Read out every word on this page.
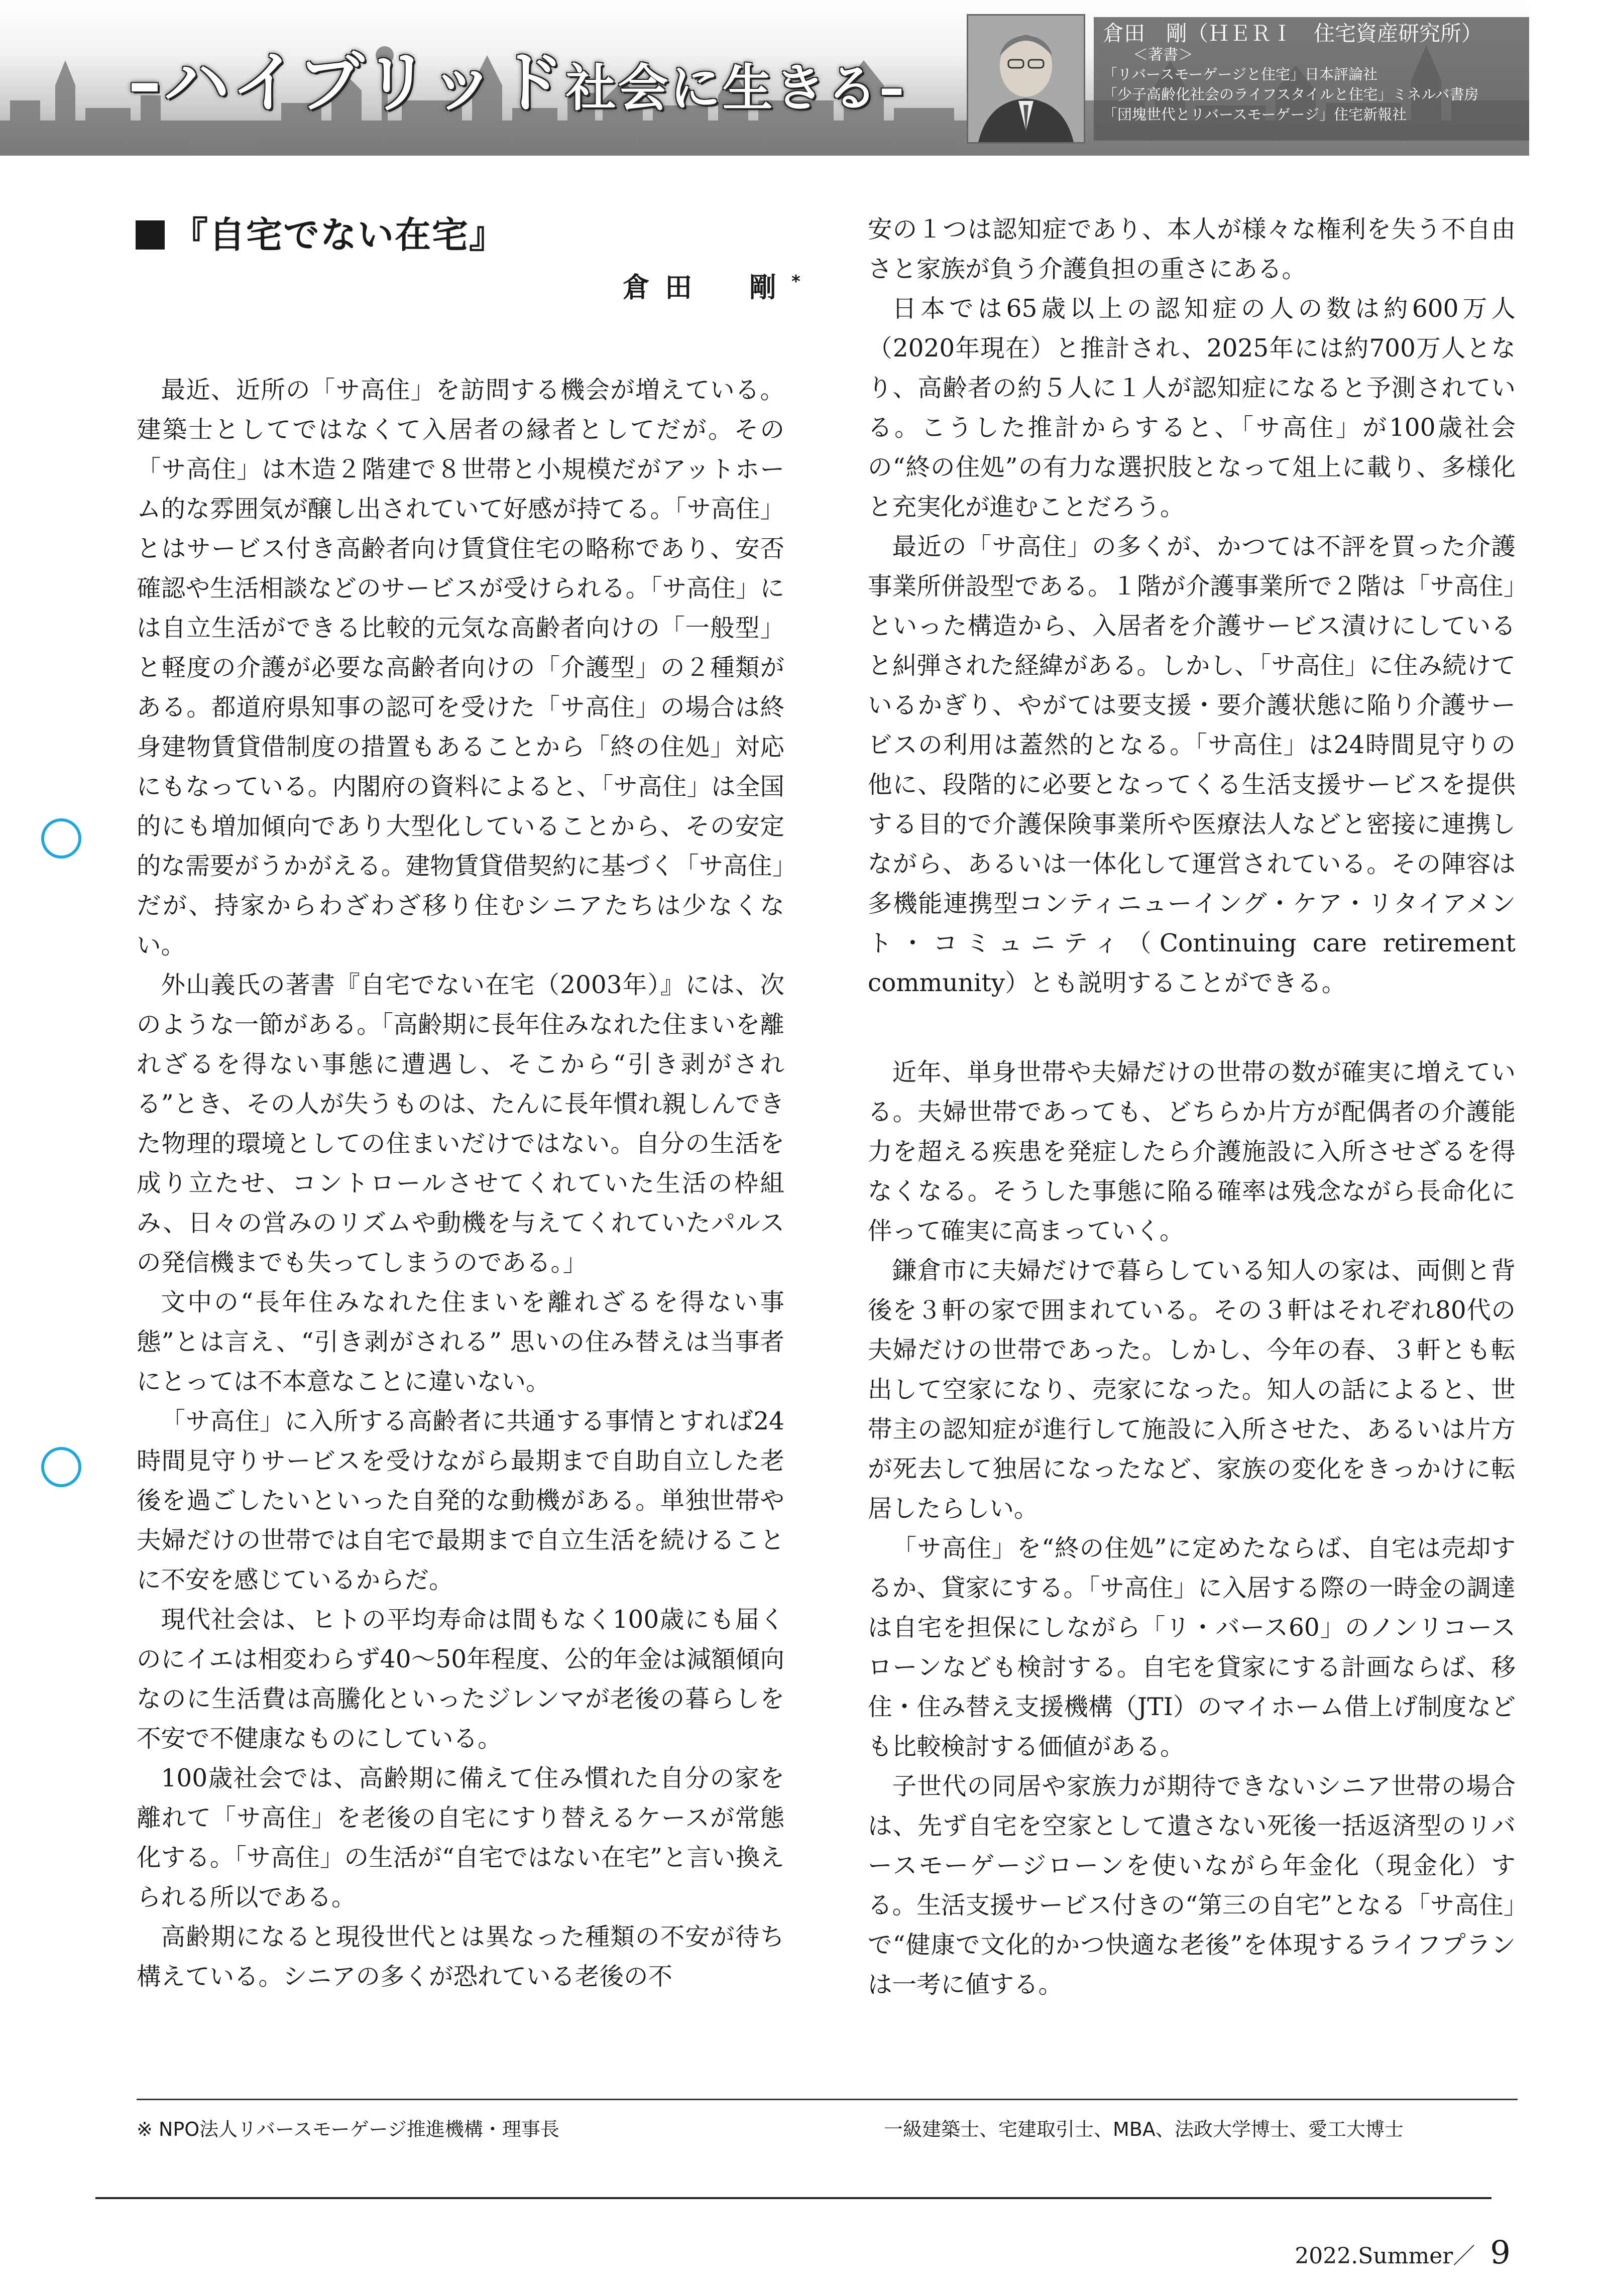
–ハイブリッド社会に生きる–
倉田　剛（ＨＥＲＩ　住宅資産研究所）
＜著書＞
「リバースモーゲージと住宅」日本評論社
「少子高齢化社会のライフスタイルと住宅」ミネルバ書房
「団塊世代とリバースモーゲージ」住宅新報社
『自宅でない在宅』
倉田　剛*

最近、近所の「サ高住」を訪問する機会が増えている。建築士としてではなくて入居者の縁者としてだが。その「サ高住」は木造２階建で８世帯と小規模だがアットホーム的な雰囲気が醸し出されていて好感が持てる。「サ高住」とはサービス付き高齢者向け賃貸住宅の略称であり、安否確認や生活相談などのサービスが受けられる。「サ高住」には自立生活ができる比較的元気な高齢者向けの「一般型」と軽度の介護が必要な高齢者向けの「介護型」の２種類がある。都道府県知事の認可を受けた「サ高住」の場合は終身建物賃貸借制度の措置もあることから「終の住処」対応にもなっている。内閣府の資料によると、「サ高住」は全国的にも増加傾向であり大型化していることから、その安定的な需要がうかがえる。建物賃貸借契約に基づく「サ高住」だが、持家からわざわざ移り住むシニアたちは少なくない。

外山義氏の著書『自宅でない在宅（2003年）』には、次のような一節がある。「高齢期に長年住みなれた住まいを離れざるを得ない事態に遭遇し、そこから“引き剥がされる”とき、その人が失うものは、たんに長年慣れ親しんできた物理的環境としての住まいだけではない。自分の生活を成り立たせ、コントロールさせてくれていた生活の枠組み、日々の営みのリズムや動機を与えてくれていたパルスの発信機までも失ってしまうのである。」

文中の“長年住みなれた住まいを離れざるを得ない事態”とは言え、“引き剥がされる” 思いの住み替えは当事者にとっては不本意なことに違いない。

「サ高住」に入所する高齢者に共通する事情とすれば24時間見守りサービスを受けながら最期まで自助自立した老後を過ごしたいといった自発的な動機がある。単独世帯や夫婦だけの世帯では自宅で最期まで自立生活を続けることに不安を感じているからだ。

現代社会は、ヒトの平均寿命は間もなく100歳にも届くのにイエは相変わらず40〜50年程度、公的年金は減額傾向なのに生活費は高騰化といったジレンマが老後の暮らしを不安で不健康なものにしている。

100歳社会では、高齢期に備えて住み慣れた自分の家を離れて「サ高住」を老後の自宅にすり替えるケースが常態化する。「サ高住」の生活が“自宅ではない在宅”と言い換えられる所以である。

高齢期になると現役世代とは異なった種類の不安が待ち構えている。シニアの多くが恐れている老後の不

安の１つは認知症であり、本人が様々な権利を失う不自由さと家族が負う介護負担の重さにある。

日本では65歳以上の認知症の人の数は約600万人（2020年現在）と推計され、2025年には約700万人となり、高齢者の約５人に１人が認知症になると予測されている。こうした推計からすると、「サ高住」が100歳社会の“終の住処”の有力な選択肢となって俎上に載り、多様化と充実化が進むことだろう。

最近の「サ高住」の多くが、かつては不評を買った介護事業所併設型である。１階が介護事業所で２階は「サ高住」といった構造から、入居者を介護サービス漬けにしていると糾弾された経緯がある。しかし、「サ高住」に住み続けているかぎり、やがては要支援・要介護状態に陥り介護サービスの利用は蓋然的となる。「サ高住」は24時間見守りの他に、段階的に必要となってくる生活支援サービスを提供する目的で介護保険事業所や医療法人などと密接に連携しながら、あるいは一体化して運営されている。その陣容は多機能連携型コンティニューイング・ケア・リタイアメント・コミュニティ（Continuing care retirement community）とも説明することができる。

近年、単身世帯や夫婦だけの世帯の数が確実に増えている。夫婦世帯であっても、どちらか片方が配偶者の介護能力を超える疾患を発症したら介護施設に入所させざるを得なくなる。そうした事態に陥る確率は残念ながら長命化に伴って確実に高まっていく。

鎌倉市に夫婦だけで暮らしている知人の家は、両側と背後を３軒の家で囲まれている。その３軒はそれぞれ80代の夫婦だけの世帯であった。しかし、今年の春、３軒とも転出して空家になり、売家になった。知人の話によると、世帯主の認知症が進行して施設に入所させた、あるいは片方が死去して独居になったなど、家族の変化をきっかけに転居したらしい。

「サ高住」を“終の住処”に定めたならば、自宅は売却するか、貸家にする。「サ高住」に入居する際の一時金の調達は自宅を担保にしながら「リ・バース60」のノンリコースローンなども検討する。自宅を貸家にする計画ならば、移住・住み替え支援機構（JTI）のマイホーム借上げ制度なども比較検討する価値がある。

子世代の同居や家族力が期待できないシニア世帯の場合は、先ず自宅を空家として遺さない死後一括返済型のリバースモーゲージローンを使いながら年金化（現金化）する。生活支援サービス付きの“第三の自宅”となる「サ高住」で“健康で文化的かつ快適な老後”を体現するライフプランは一考に値する。

※ NPO法人リバースモーゲージ推進機構・理事長	一級建築士、宅建取引士、MBA、法政大学博士、愛工大博士
2022.Summer／ 9
